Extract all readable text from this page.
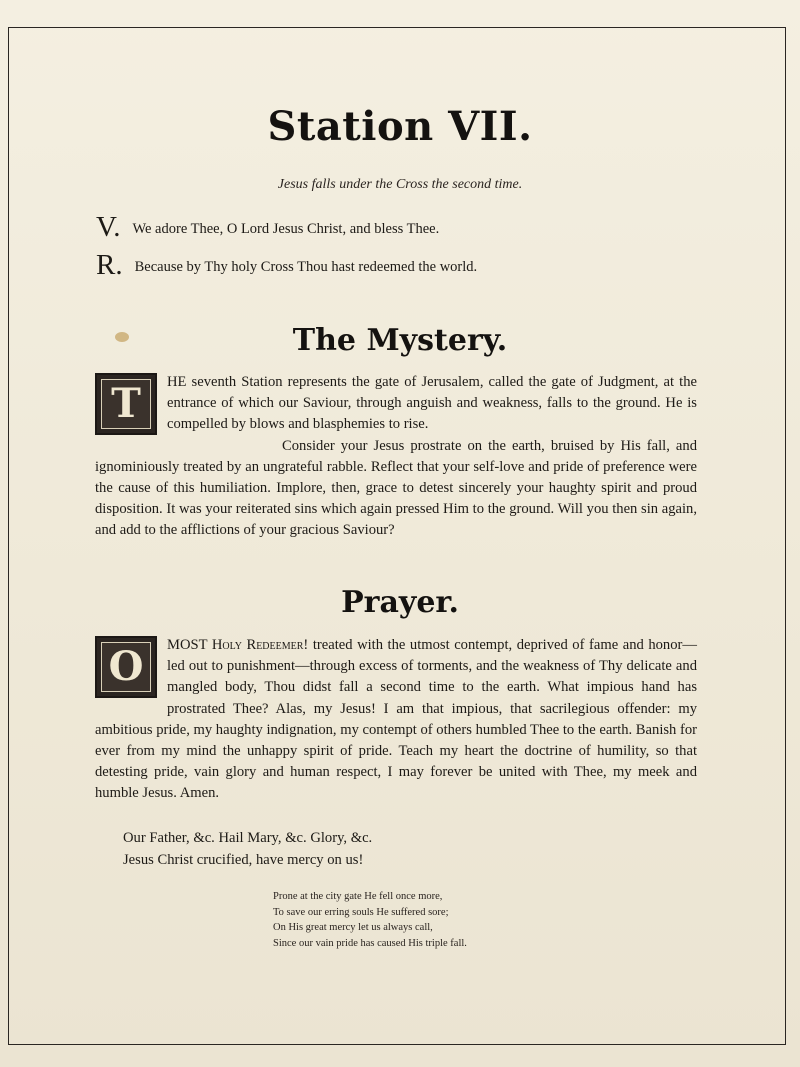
Station VII.
Jesus falls under the Cross the second time.
V. We adore Thee, O Lord Jesus Christ, and bless Thee.
R. Because by Thy holy Cross Thou hast redeemed the world.
The Mystery.
T	HE seventh Station represents the gate of Jerusalem, called the gate of Judgment, at the entrance of which our Saviour, through anguish and weakness, falls to the ground. He is compelled by blows and blasphemies to rise.

Consider your Jesus prostrate on the earth, bruised by His fall, and ignominiously treated by an ungrateful rabble. Reflect that your self-love and pride of preference were the cause of this humiliation. Implore, then, grace to detest sincerely your haughty spirit and proud disposition. It was your reiterated sins which again pressed Him to the ground. Will you then sin again, and add to the afflictions of your gracious Saviour?

Prayer.
O	MOST Holy Redeemer! treated with the utmost contempt, deprived of fame and honor—led out to punishment—through excess of torments, and the weakness of Thy delicate and mangled body, Thou didst fall a second time to the earth. What impious hand has prostrated Thee? Alas, my Jesus! I am that impious, that sacrilegious offender: my ambitious pride, my haughty indignation, my contempt of others humbled Thee to the earth. Banish for ever from my mind the unhappy spirit of pride. Teach my heart the doctrine of humility, so that detesting pride, vain glory and human respect, I may forever be united with Thee, my meek and humble Jesus. Amen.

Our Father, &c. Hail Mary, &c. Glory, &c.
Jesus Christ crucified, have mercy on us!
Prone at the city gate He fell once more,
To save our erring souls He suffered sore;
On His great mercy let us always call,
Since our vain pride has caused His triple fall.
